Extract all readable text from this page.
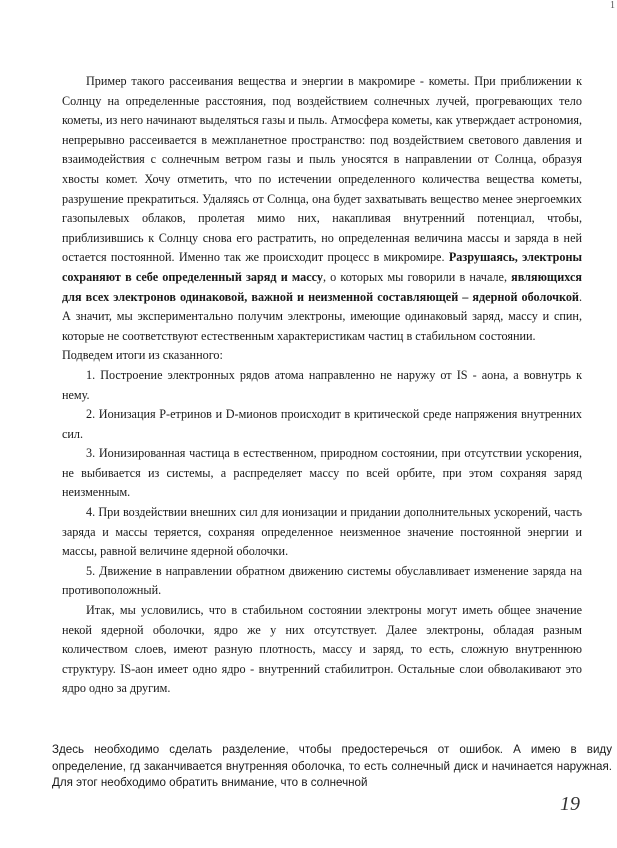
1

Пример такого рассеивания вещества и энергии в макромире - кометы. При приближении к Солнцу на определенные расстояния, под воздействием солнечных лучей, прогревающих тело кометы, из него начинают выделяться газы и пыль. Атмосфера кометы, как утверждает астрономия, непрерывно рассеивается в межпланетное пространство: под воздействием светового давления и взаимодействия с солнечным ветром газы и пыль уносятся в направлении от Солнца, образуя хвосты комет. Хочу отметить, что по истечении определенного количества вещества кометы, разрушение прекратиться. Удаляясь от Солнца, она будет захватывать вещество менее энергоемких газопылевых облаков, пролетая мимо них, накапливая внутренний потенциал, чтобы, приблизившись к Солнцу снова его растратить, но определенная величина массы и заряда в ней остается постоянной. Именно так же происходит процесс в микромире. Разрушаясь, электроны сохраняют в себе определенный заряд и массу, о которых мы говорили в начале, являющихся для всех электронов одинаковой, важной и неизменной составляющей – ядерной оболочкой. А значит, мы экспериментально получим электроны, имеющие одинаковый заряд, массу и спин, которые не соответствуют естественным характеристикам частиц в стабильном состоянии.

Подведем итоги из сказанного:

1. Построение электронных рядов атома направленно не наружу от IS - аона, а вовнутрь к нему.

2. Ионизация P-етринов и D-мионов происходит в критической среде напряжения внутренних сил.

3. Ионизированная частица в естественном, природном состоянии, при отсутствии ускорения, не выбивается из системы, а распределяет массу по всей орбите, при этом сохраняя заряд неизменным.

4. При воздействии внешних сил для ионизации и придании дополнительных ускорений, часть заряда и массы теряется, сохраняя определенное неизменное значение постоянной энергии и массы, равной величине ядерной оболочки.

5. Движение в направлении обратном движению системы обуславливает изменение заряда на противоположный.

Итак, мы условились, что в стабильном состоянии электроны могут иметь общее значение некой ядерной оболочки, ядро же у них отсутствует. Далее электроны, обладая разным количеством слоев, имеют разную плотность, массу и заряд, то есть, сложную внутреннюю структуру. IS-аон имеет одно ядро - внутренний стабилитрон. Остальные слои обволакивают это ядро одно за другим.

Здесь необходимо сделать разделение, чтобы предостеречься от ошибок. А имею в виду определение, гд заканчивается внутренняя оболочка, то есть солнечный диск и начинается наружная. Для этог необходимо обратить внимание, что в солнечной

19
